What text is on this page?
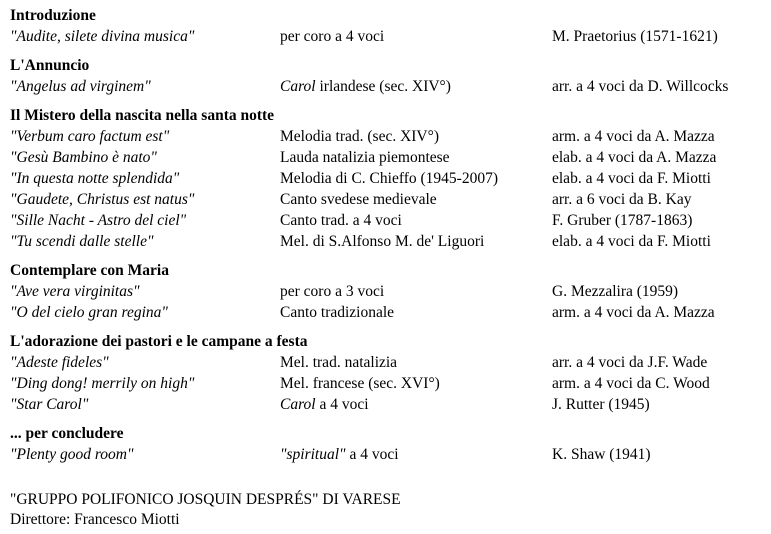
Introduzione
"Audite, silete divina musica"	per coro a 4 voci	M. Praetorius (1571-1621)
L'Annuncio
"Angelus ad virginem"	Carol irlandese (sec. XIV°)	arr. a 4 voci da D. Willcocks
Il Mistero della nascita nella santa notte
"Verbum caro factum est"	Melodia trad. (sec. XIV°)	arm. a 4 voci da A. Mazza
"Gesù Bambino è nato"	Lauda natalizia piemontese	elab. a 4 voci da A. Mazza
"In questa notte splendida"	Melodia di C. Chieffo (1945-2007)	elab. a 4 voci da F. Miotti
"Gaudete, Christus est natus"	Canto svedese medievale	arr. a 6 voci da B. Kay
"Sille Nacht - Astro del ciel"	Canto trad. a 4 voci	F. Gruber (1787-1863)
"Tu scendi dalle stelle"	Mel. di S.Alfonso M. de' Liguori	elab. a 4 voci da F. Miotti
Contemplare con Maria
"Ave vera virginitas"	per coro a 3 voci	G. Mezzalira (1959)
"O del cielo gran regina"	Canto tradizionale	arm. a 4 voci da A. Mazza
L'adorazione dei pastori e le campane a festa
"Adeste fideles"	Mel. trad. natalizia	arr. a 4 voci da J.F. Wade
"Ding dong! merrily on high"	Mel. francese (sec. XVI°)	arm. a 4 voci da C. Wood
"Star Carol"	Carol a 4 voci	J. Rutter (1945)
... per concludere
"Plenty good room"	"spiritual" a 4 voci	K. Shaw (1941)
"GRUPPO POLIFONICO JOSQUIN DESPRÉS" DI VARESE
Direttore: Francesco Miotti
